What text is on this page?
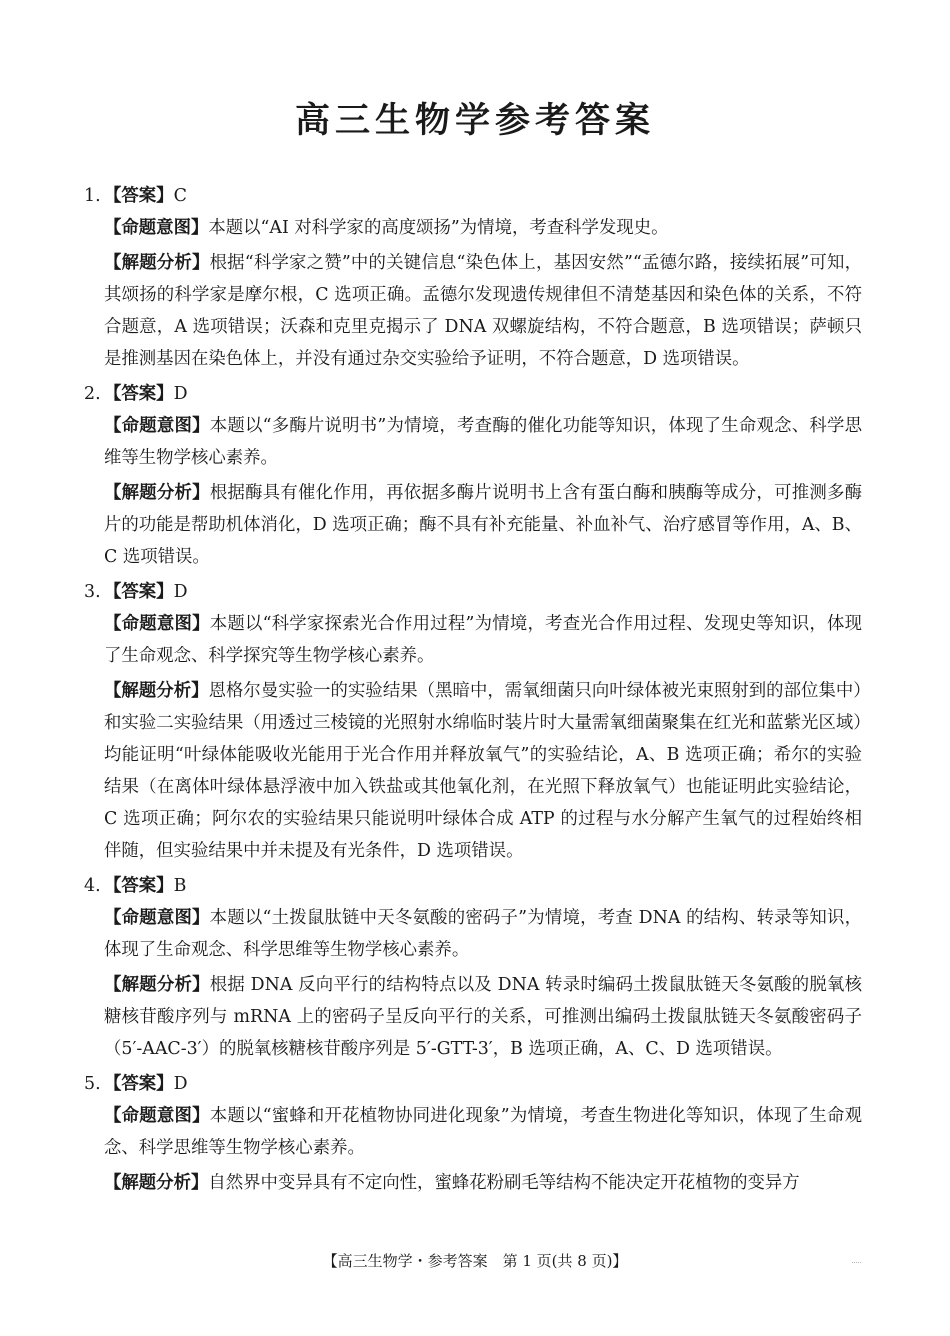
高三生物学参考答案
1. 【答案】C
【命题意图】本题以“AI 对科学家的高度颂扬”为情境，考查科学发现史。
【解题分析】根据“科学家之赞”中的关键信息“染色体上，基因安然”“孟德尔路，接续拓展”可知，其颂扬的科学家是摩尔根，C 选项正确。孟德尔发现遗传规律但不清楚基因和染色体的关系，不符合题意，A 选项错误；沃森和克里克揭示了 DNA 双螺旋结构，不符合题意，B 选项错误；萨顿只是推测基因在染色体上，并没有通过杂交实验给予证明，不符合题意，D 选项错误。
2. 【答案】D
【命题意图】本题以“多酶片说明书”为情境，考查酶的催化功能等知识，体现了生命观念、科学思维等生物学核心素养。
【解题分析】根据酶具有催化作用，再依据多酶片说明书上含有蛋白酶和胰酶等成分，可推测多酶片的功能是帮助机体消化，D 选项正确；酶不具有补充能量、补血补气、治疗感冒等作用，A、B、C 选项错误。
3. 【答案】D
【命题意图】本题以“科学家探索光合作用过程”为情境，考查光合作用过程、发现史等知识，体现了生命观念、科学探究等生物学核心素养。
【解题分析】恩格尔曼实验一的实验结果（黑暗中，需氧细菌只向叶绿体被光束照射到的部位集中）和实验二实验结果（用透过三棱镜的光照射水绵临时装片时大量需氧细菌聚集在红光和蓝紫光区域）均能证明“叶绿体能吸收光能用于光合作用并释放氧气”的实验结论，A、B 选项正确；希尔的实验结果（在离体叶绿体悬浮液中加入铁盐或其他氧化剂，在光照下释放氧气）也能证明此实验结论，C 选项正确；阿尔农的实验结果只能说明叶绿体合成 ATP 的过程与水分解产生氧气的过程始终相伴随，但实验结果中并未提及有光条件，D 选项错误。
4. 【答案】B
【命题意图】本题以“土拨鼠肽链中天冬氨酸的密码子”为情境，考查 DNA 的结构、转录等知识，体现了生命观念、科学思维等生物学核心素养。
【解题分析】根据 DNA 反向平行的结构特点以及 DNA 转录时编码土拨鼠肽链天冬氨酸的脱氧核糖核苷酸序列与 mRNA 上的密码子呈反向平行的关系，可推测出编码土拨鼠肽链天冬氨酸密码子（5′-AAC-3′）的脱氧核糖核苷酸序列是 5′-GTT-3′，B 选项正确，A、C、D 选项错误。
5. 【答案】D
【命题意图】本题以“蜜蜂和开花植物协同进化现象”为情境，考查生物进化等知识，体现了生命观念、科学思维等生物学核心素养。
【解题分析】自然界中变异具有不定向性，蜜蜂花粉刷毛等结构不能决定开花植物的变异方
【高三生物学・参考答案　第 1 页(共 8 页)】
